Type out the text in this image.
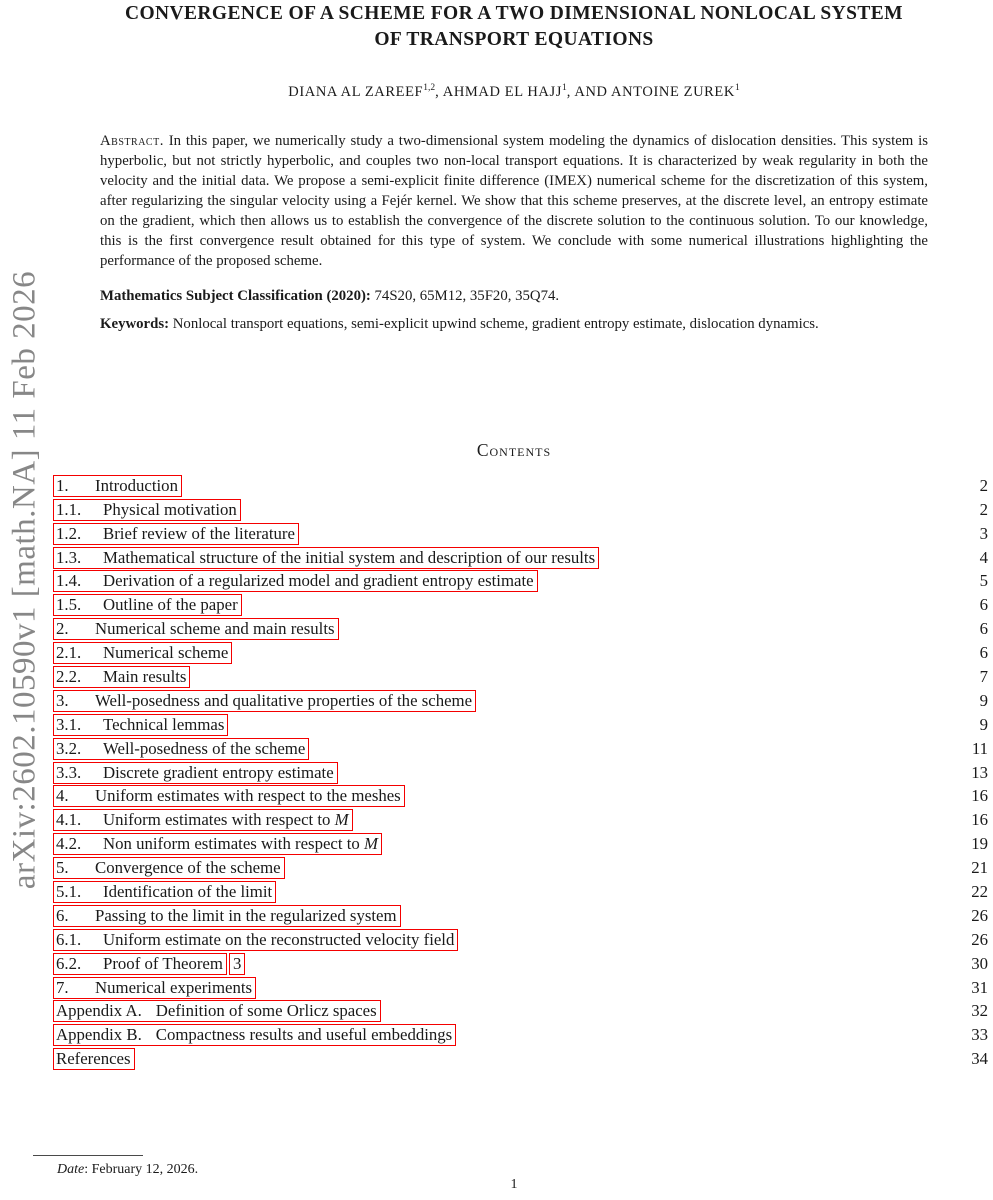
arXiv:2602.10590v1 [math.NA] 11 Feb 2026
CONVERGENCE OF A SCHEME FOR A TWO DIMENSIONAL NONLOCAL SYSTEM
OF TRANSPORT EQUATIONS
DIANA AL ZAREEF$^{1,2}$, AHMAD EL HAJJ$^1$, AND ANTOINE ZUREK$^1$

Abstract. In this paper, we numerically study a two-dimensional system modeling the dynamics of dislocation densities. This system is hyperbolic, but not strictly hyperbolic, and couples two non-local transport equations. It is characterized by weak regularity in both the velocity and the initial data. We propose a semi-explicit finite difference (IMEX) numerical scheme for the discretization of this system, after regularizing the singular velocity using a Fejér kernel. We show that this scheme preserves, at the discrete level, an entropy estimate on the gradient, which then allows us to establish the convergence of the discrete solution to the continuous solution. To our knowledge, this is the first convergence result obtained for this type of system. We conclude with some numerical illustrations highlighting the performance of the proposed scheme.

Mathematics Subject Classification (2020): 74S20, 65M12, 35F20, 35Q74.

Keywords: Nonlocal transport equations, semi-explicit upwind scheme, gradient entropy estimate, dislocation dynamics.

Contents
1. Introduction	2
1.1. Physical motivation	2
1.2. Brief review of the literature	3
1.3. Mathematical structure of the initial system and description of our results	4
1.4. Derivation of a regularized model and gradient entropy estimate	5
1.5. Outline of the paper	6
2. Numerical scheme and main results	6
2.1. Numerical scheme	6
2.2. Main results	7
3. Well-posedness and qualitative properties of the scheme	9
3.1. Technical lemmas	9
3.2. Well-posedness of the scheme	11
3.3. Discrete gradient entropy estimate	13
4. Uniform estimates with respect to the meshes	16
4.1. Uniform estimates with respect to M	16
4.2. Non uniform estimates with respect to M	19
5. Convergence of the scheme	21
5.1. Identification of the limit	22
6. Passing to the limit in the regularized system	26
6.1. Uniform estimate on the reconstructed velocity field	26
6.2. Proof of Theorem 3	30
7. Numerical experiments	31
Appendix A. Definition of some Orlicz spaces	32
Appendix B. Compactness results and useful embeddings	33
References	34

Date: February 12, 2026.

1
